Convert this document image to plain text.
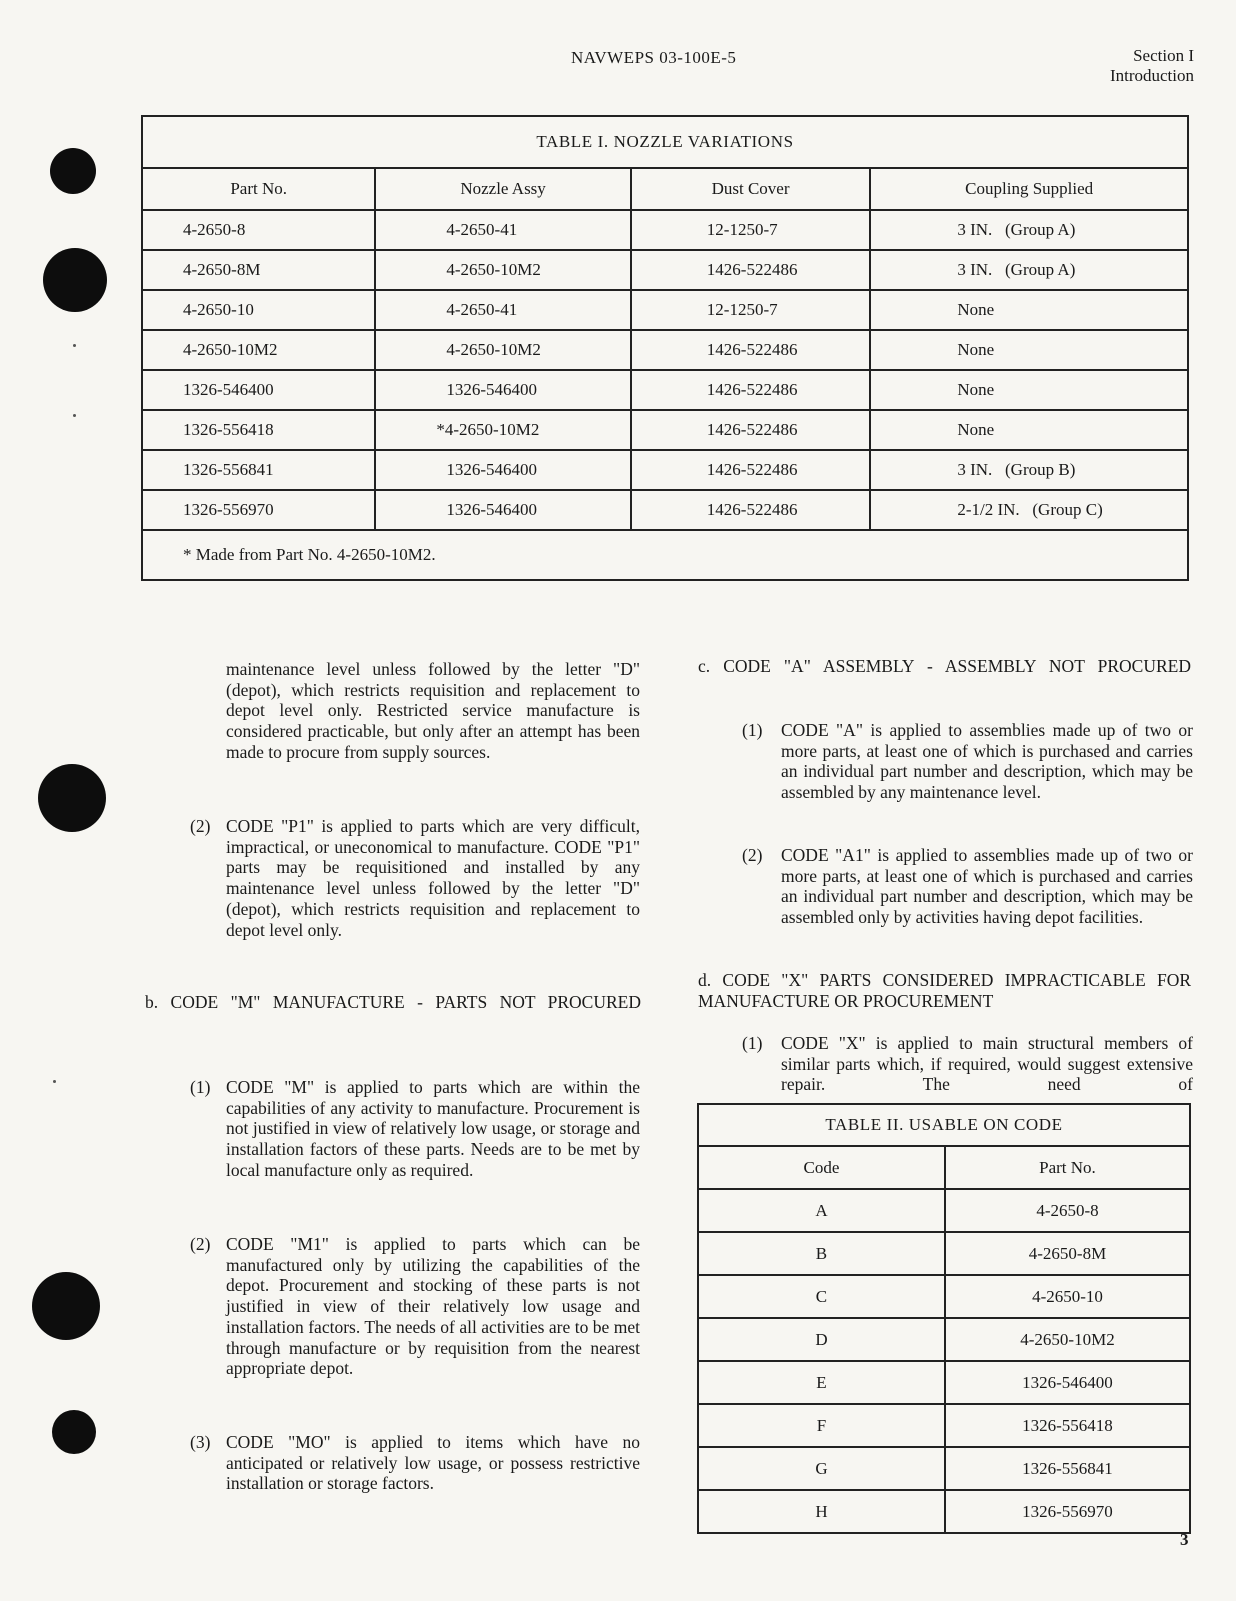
NAVWEPS 03-100E-5	Section I
Introduction
TABLE I. NOZZLE VARIATIONS			
Part No.	Nozzle Assy	Dust Cover	Coupling Supplied
4-2650-8	4-2650-41	12-1250-7	3 IN.   (Group A)
4-2650-8M	4-2650-10M2	1426-522486	3 IN.   (Group A)
4-2650-10	4-2650-41	12-1250-7	None
4-2650-10M2	4-2650-10M2	1426-522486	None
1326-546400	1326-546400	1426-522486	None
1326-556418	*4-2650-10M2	1426-522486	None
1326-556841	1326-546400	1426-522486	3 IN.   (Group B)
1326-556970	1326-546400	1426-522486	2-1/2 IN.   (Group C)
* Made from Part No. 4-2650-10M2.			
maintenance level unless followed by the letter "D" (depot), which restricts requisition and replacement to depot level only. Restricted service manufacture is considered practicable, but only after an attempt has been made to procure from supply sources.
(2) CODE "P1" is applied to parts which are very difficult, impractical, or uneconomical to manufacture. CODE "P1" parts may be requisitioned and installed by any maintenance level unless followed by the letter "D" (depot), which restricts requisition and replacement to depot level only.
b. CODE "M" MANUFACTURE - PARTS NOT PROCURED
(1) CODE "M" is applied to parts which are within the capabilities of any activity to manufacture. Procurement is not justified in view of relatively low usage, or storage and installation factors of these parts. Needs are to be met by local manufacture only as required.
(2) CODE "M1" is applied to parts which can be manufactured only by utilizing the capabilities of the depot. Procurement and stocking of these parts is not justified in view of their relatively low usage and installation factors. The needs of all activities are to be met through manufacture or by requisition from the nearest appropriate depot.
(3) CODE "MO" is applied to items which have no anticipated or relatively low usage, or possess restrictive installation or storage factors.
c. CODE "A" ASSEMBLY - ASSEMBLY NOT PROCURED
(1) CODE "A" is applied to assemblies made up of two or more parts, at least one of which is purchased and carries an individual part number and description, which may be assembled by any maintenance level.
(2) CODE "A1" is applied to assemblies made up of two or more parts, at least one of which is purchased and carries an individual part number and description, which may be assembled only by activities having depot facilities.
d. CODE "X" PARTS CONSIDERED IMPRACTICABLE FOR MANUFACTURE OR PROCUREMENT
(1) CODE "X" is applied to main structural members of similar parts which, if required, would suggest extensive repair. The need of
TABLE II. USABLE ON CODE	
Code	Part No.
A	4-2650-8
B	4-2650-8M
C	4-2650-10
D	4-2650-10M2
E	1326-546400
F	1326-556418
G	1326-556841
H	1326-556970
3
